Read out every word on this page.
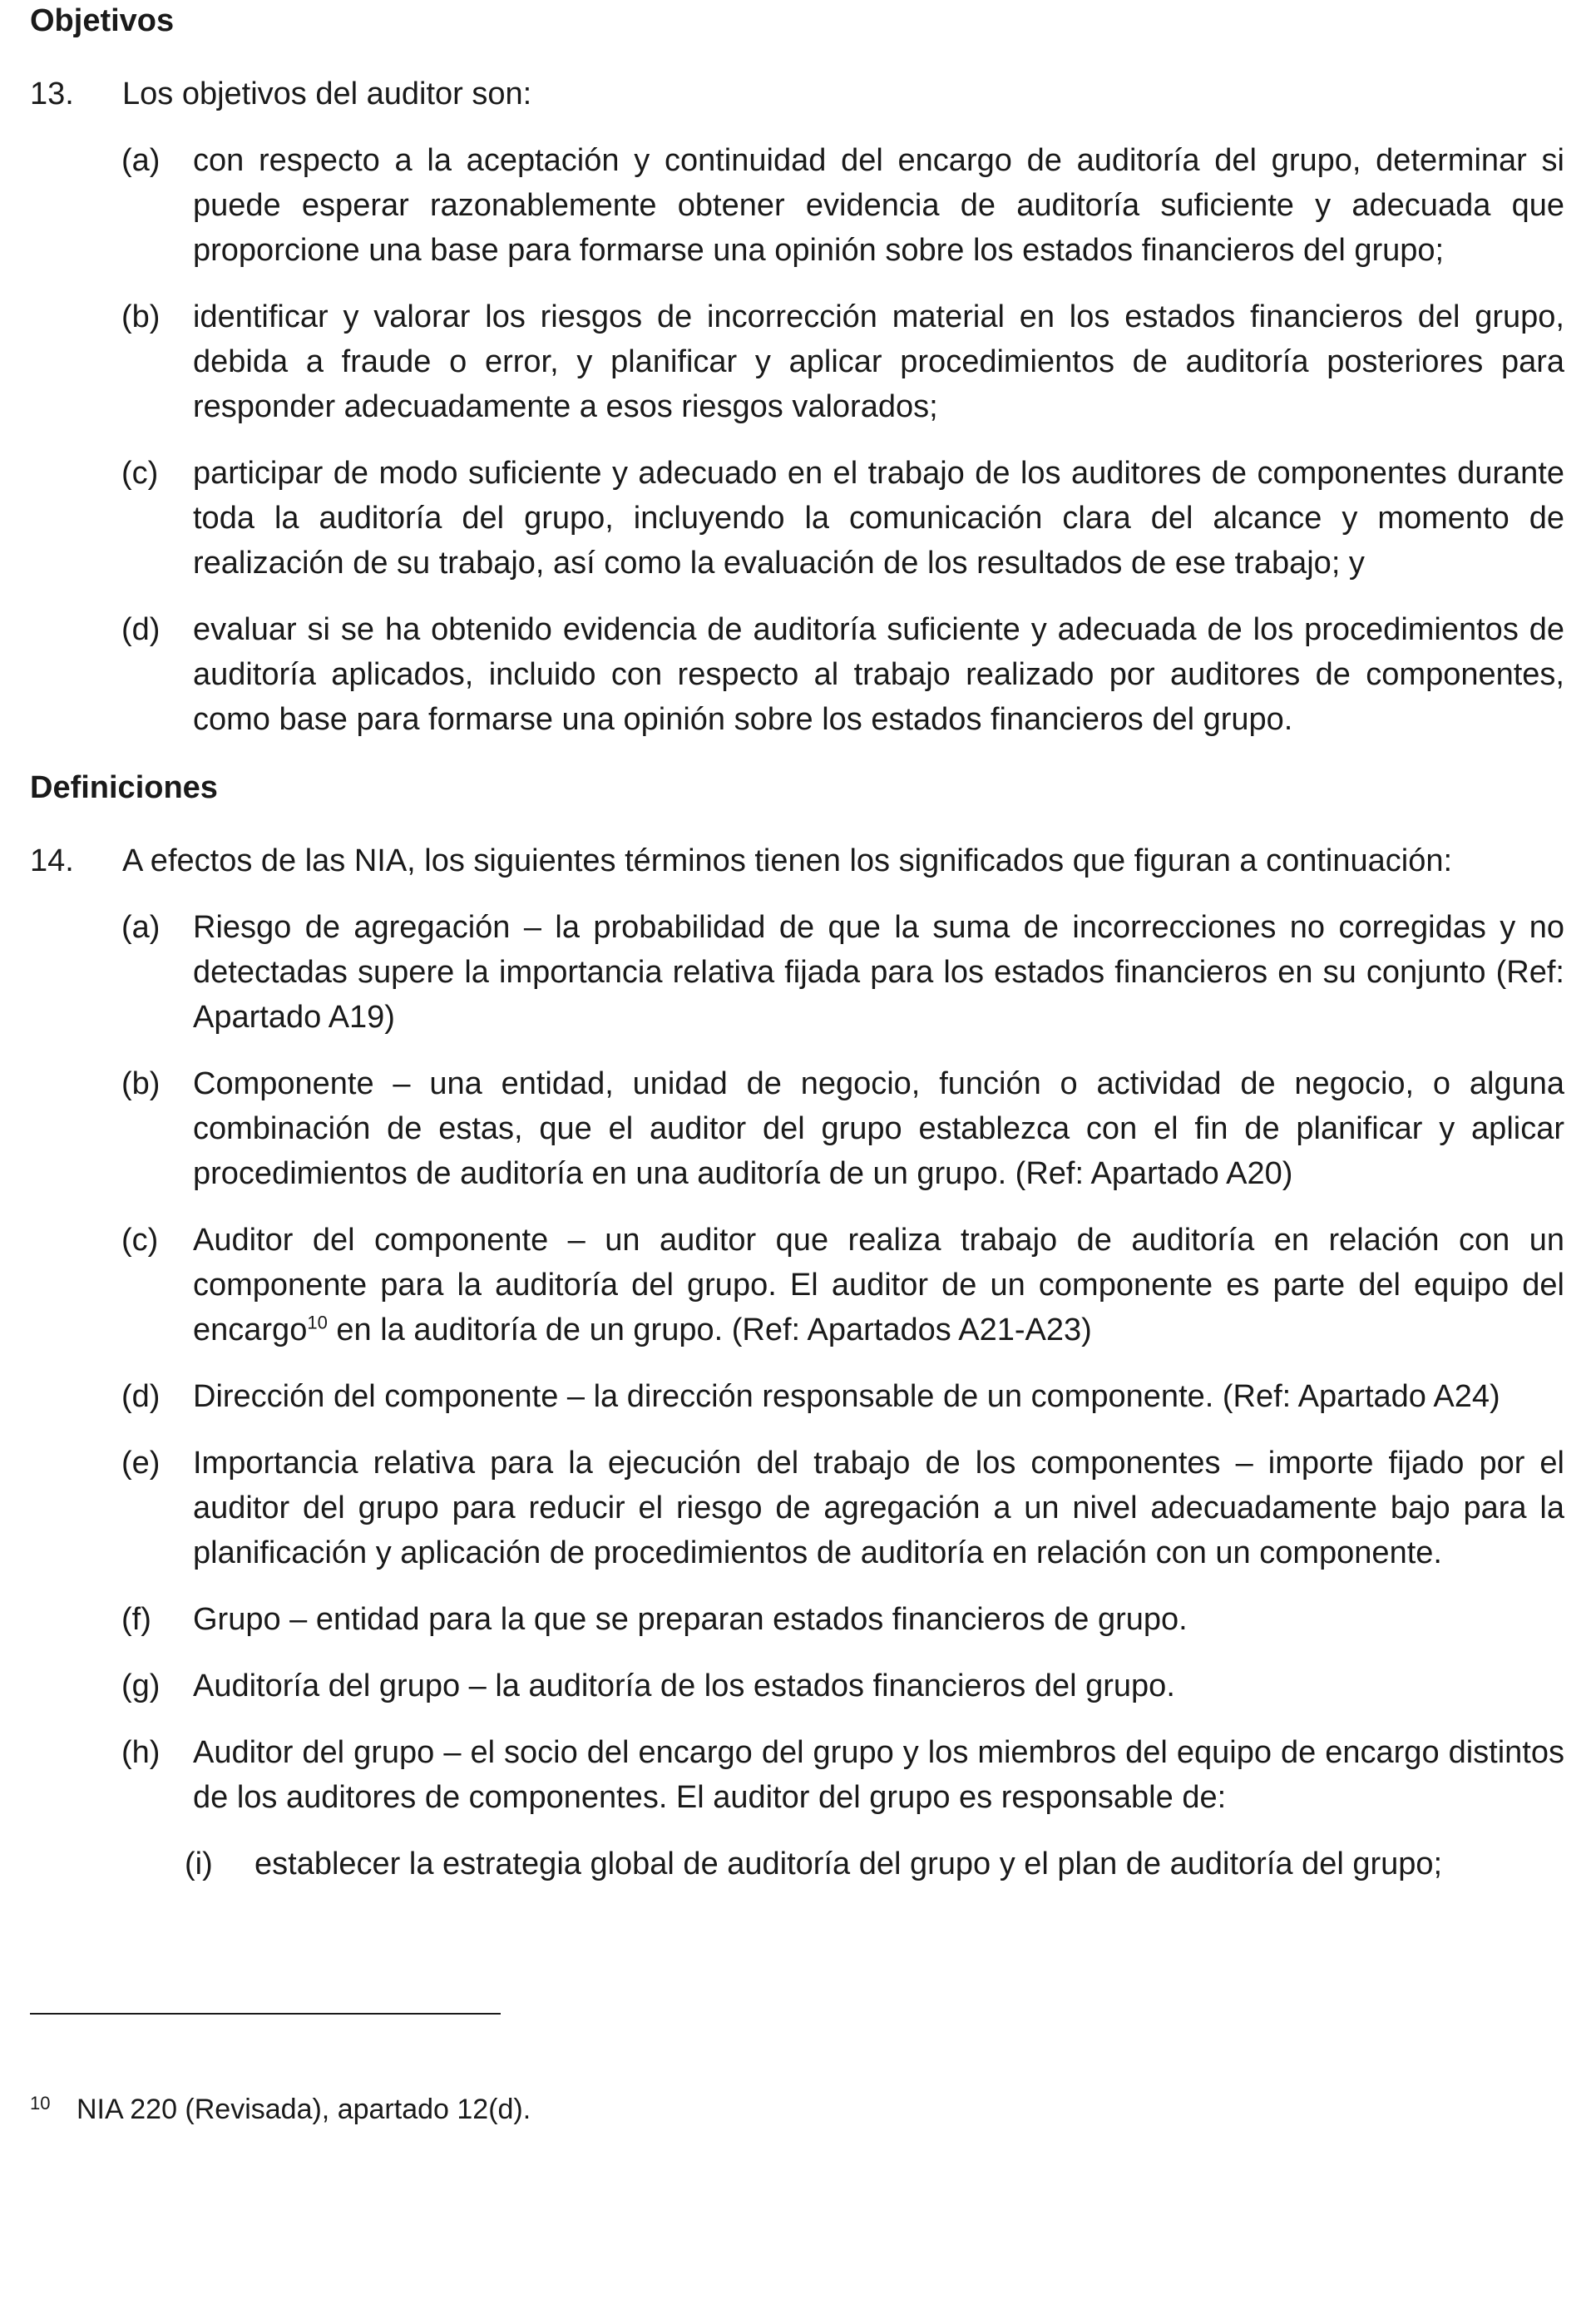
Objetivos
13.	Los objetivos del auditor son:
(a)	con respecto a la aceptación y continuidad del encargo de auditoría del grupo, determinar si puede esperar razonablemente obtener evidencia de auditoría suficiente y adecuada que proporcione una base para formarse una opinión sobre los estados financieros del grupo;
(b)	identificar y valorar los riesgos de incorrección material en los estados financieros del grupo, debida a fraude o error, y planificar y aplicar procedimientos de auditoría posteriores para responder adecuadamente a esos riesgos valorados;
(c)	participar de modo suficiente y adecuado en el trabajo de los auditores de componentes durante toda la auditoría del grupo, incluyendo la comunicación clara del alcance y momento de realización de su trabajo, así como la evaluación de los resultados de ese trabajo; y
(d)	evaluar si se ha obtenido evidencia de auditoría suficiente y adecuada de los procedimientos de auditoría aplicados, incluido con respecto al trabajo realizado por auditores de componentes, como base para formarse una opinión sobre los estados financieros del grupo.
Definiciones
14.	A efectos de las NIA, los siguientes términos tienen los significados que figuran a continuación:
(a)	Riesgo de agregación – la probabilidad de que la suma de incorrecciones no corregidas y no detectadas supere la importancia relativa fijada para los estados financieros en su conjunto (Ref: Apartado A19)
(b)	Componente – una entidad, unidad de negocio, función o actividad de negocio, o alguna combinación de estas, que el auditor del grupo establezca con el fin de planificar y aplicar procedimientos de auditoría en una auditoría de un grupo. (Ref: Apartado A20)
(c)	Auditor del componente – un auditor que realiza trabajo de auditoría en relación con un componente para la auditoría del grupo. El auditor de un componente es parte del equipo del encargo$^{10}$ en la auditoría de un grupo. (Ref: Apartados A21-A23)
(d)	Dirección del componente – la dirección responsable de un componente. (Ref: Apartado A24)
(e)	Importancia relativa para la ejecución del trabajo de los componentes – importe fijado por el auditor del grupo para reducir el riesgo de agregación a un nivel adecuadamente bajo para la planificación y aplicación de procedimientos de auditoría en relación con un componente.
(f)	Grupo – entidad para la que se preparan estados financieros de grupo.
(g)	Auditoría del grupo – la auditoría de los estados financieros del grupo.
(h)	Auditor del grupo – el socio del encargo del grupo y los miembros del equipo de encargo distintos de los auditores de componentes. El auditor del grupo es responsable de:
(i)	establecer la estrategia global de auditoría del grupo y el plan de auditoría del grupo;
10 NIA 220 (Revisada), apartado 12(d).
